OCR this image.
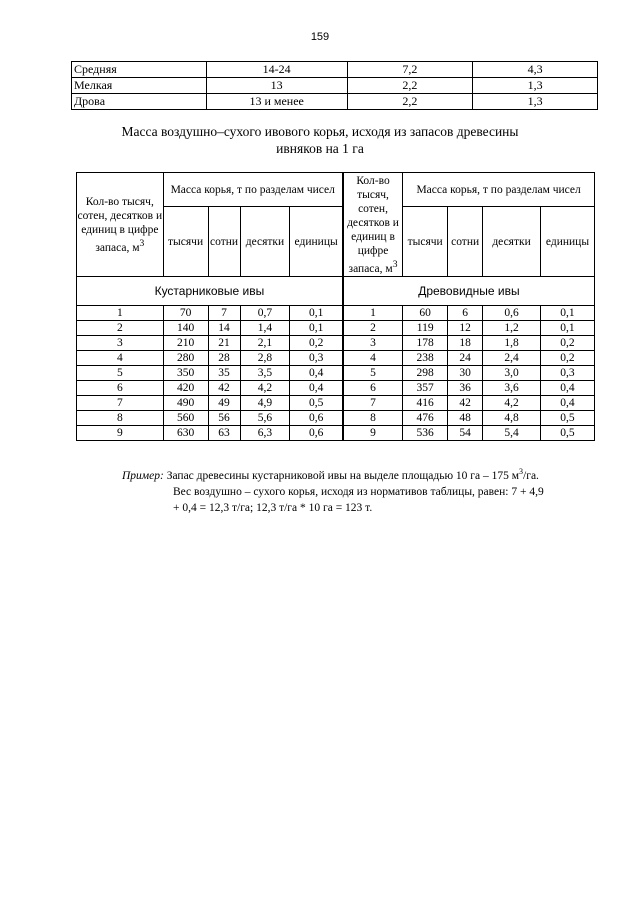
159
Средняя	14-24	7,2	4,3
Мелкая	13	2,2	1,3
Дрова	13 и менее	2,2	1,3
Масса воздушно–сухого ивового корья, исходя из запасов древесины
ивняков на 1 га
Кол-во тысяч, сотен, десятков и единиц в цифре запаса, $м^3$	Масса корья, т по разделам чисел				Кол-во тысяч, сотен, десятков и единиц в цифре запаса, $м^3$	Масса корья, т по разделам чисел			
	тысячи	сотни	десятки	единицы		тысячи	сотни	десятки	единицы
Кустарниковые ивы					Древовидные ивы				
1	70	7	0,7	0,1	1	60	6	0,6	0,1
2	140	14	1,4	0,1	2	119	12	1,2	0,1
3	210	21	2,1	0,2	3	178	18	1,8	0,2
4	280	28	2,8	0,3	4	238	24	2,4	0,2
5	350	35	3,5	0,4	5	298	30	3,0	0,3
6	420	42	4,2	0,4	6	357	36	3,6	0,4
7	490	49	4,9	0,5	7	416	42	4,2	0,4
8	560	56	5,6	0,6	8	476	48	4,8	0,5
9	630	63	6,3	0,6	9	536	54	5,4	0,5
Пример: Запас древесины кустарниковой ивы на выделе площадью 10 га – 175 $м^3/га$.
Вес воздушно – сухого корья, исходя из нормативов таблицы, равен: 7 + 4,9
+ 0,4 = 12,3 т/га; 12,3 т/га * 10 га = 123 т.
